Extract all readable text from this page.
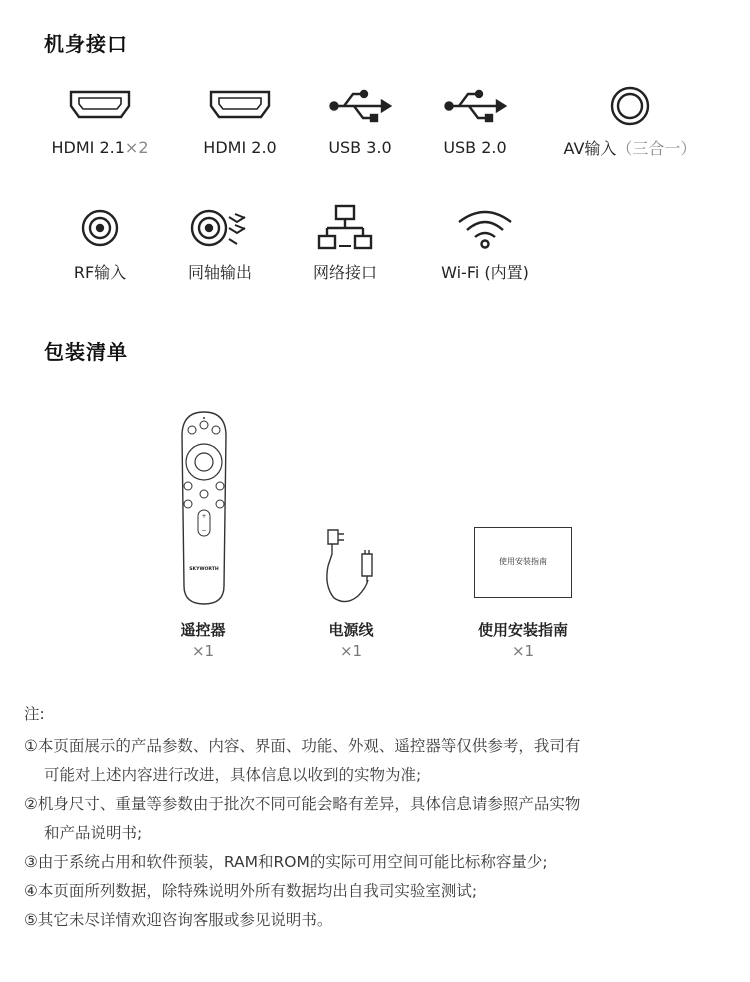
机身接口
HDMI 2.1×2	HDMI 2.0	USB 3.0	USB 2.0	AV输入（三合一）
RF输入	同轴输出	网络接口	Wi-Fi (内置)
包装清单
+
−
SKYWORTH
使用安装指南
遥控器
×1
电源线
×1
使用安装指南
×1
注:
①本页面展示的产品参数、内容、界面、功能、外观、遥控器等仅供参考，我司有
可能对上述内容进行改进，具体信息以收到的实物为准;
②机身尺寸、重量等参数由于批次不同可能会略有差异，具体信息请参照产品实物
和产品说明书;
③由于系统占用和软件预装，RAM和ROM的实际可用空间可能比标称容量少;
④本页面所列数据，除特殊说明外所有数据均出自我司实验室测试;
⑤其它未尽详情欢迎咨询客服或参见说明书。
